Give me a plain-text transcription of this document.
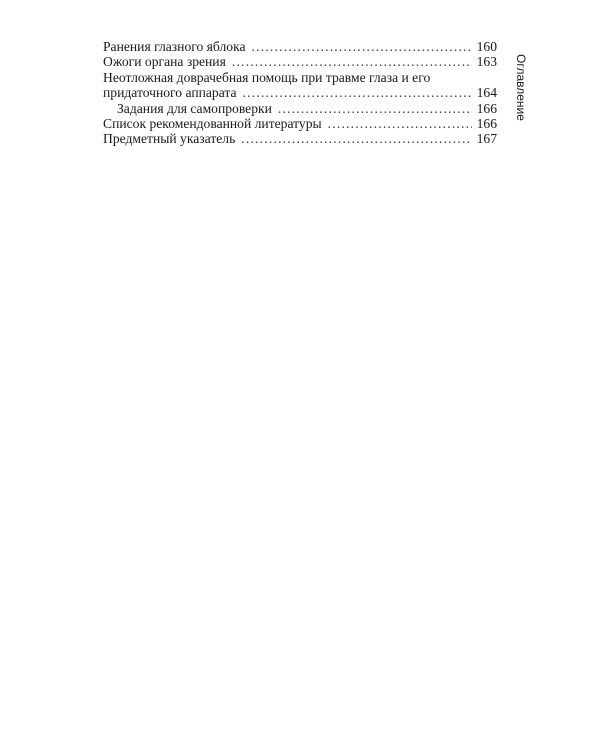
Ранения глазного яблока .....	160
Ожоги органа зрения .....	163
Неотложная доврачебная помощь при травме глаза и его
придаточного аппарата .....	164
Задания для самопроверки .....	166
Список рекомендованной литературы .....	166
Предметный указатель .....	167
Оглавление
